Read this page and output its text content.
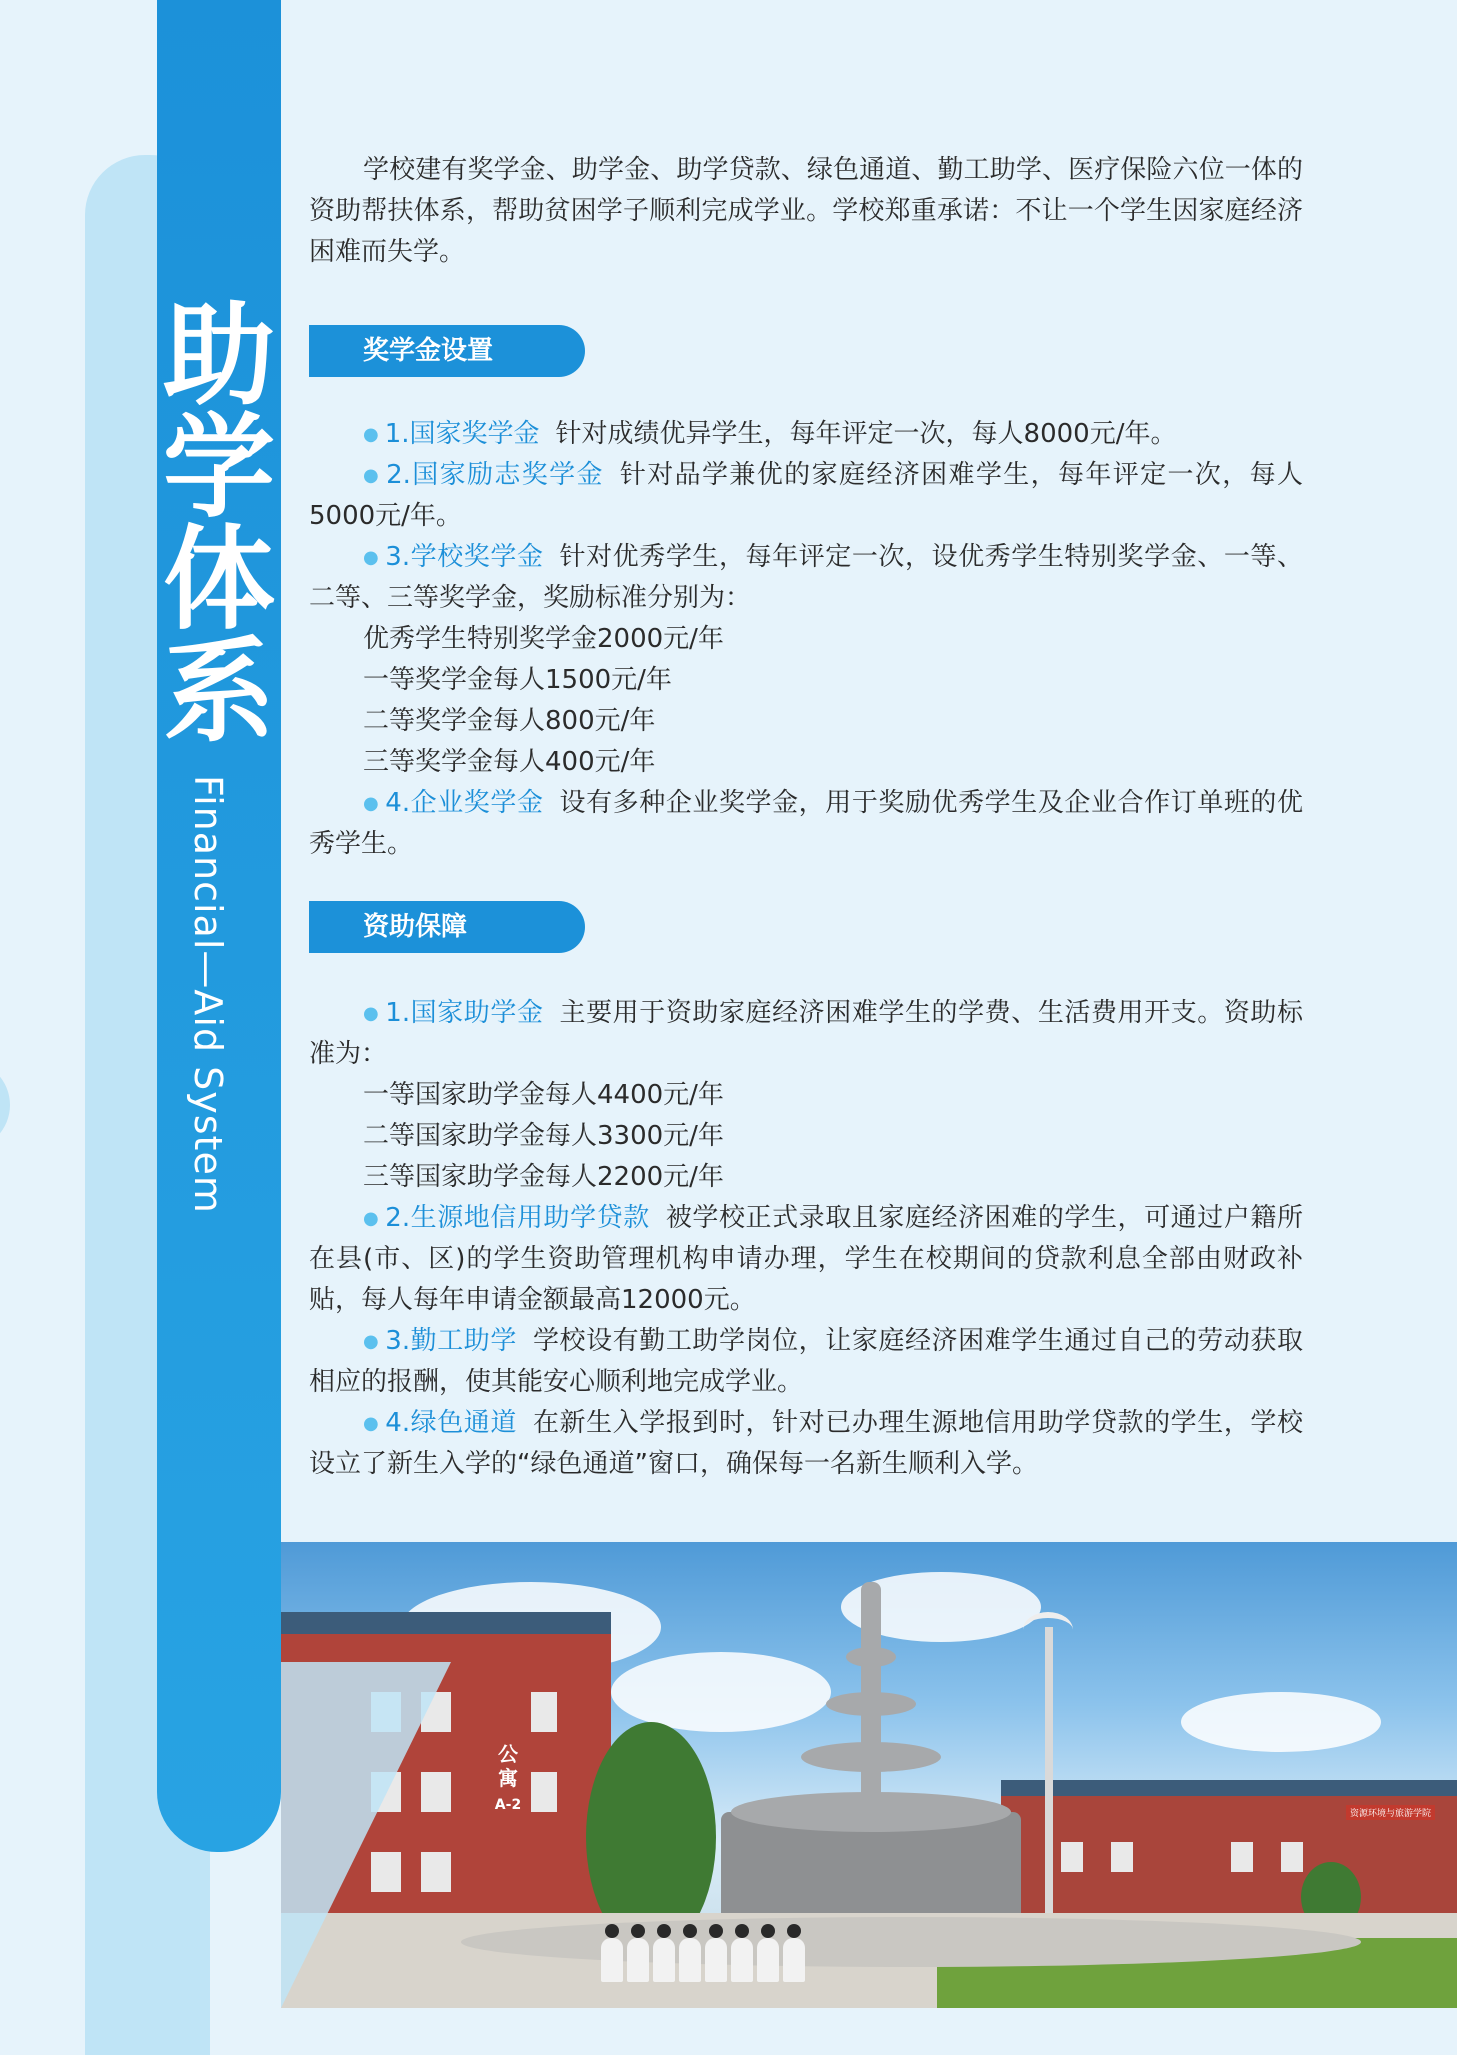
助
学
体
系
Financial—Aid System

学校建有奖学金、助学金、助学贷款、绿色通道、勤工助学、医疗保险六位一体的资助帮扶体系，帮助贫困学子顺利完成学业。学校郑重承诺：不让一个学生因家庭经济困难而失学。

奖学金设置

● 1.国家奖学金 针对成绩优异学生，每年评定一次，每人8000元/年。

● 2.国家励志奖学金 针对品学兼优的家庭经济困难学生，每年评定一次，每人5000元/年。

● 3.学校奖学金 针对优秀学生，每年评定一次，设优秀学生特别奖学金、一等、二等、三等奖学金，奖励标准分别为：

优秀学生特别奖学金2000元/年

一等奖学金每人1500元/年

二等奖学金每人800元/年

三等奖学金每人400元/年

● 4.企业奖学金 设有多种企业奖学金，用于奖励优秀学生及企业合作订单班的优秀学生。

资助保障

● 1.国家助学金 主要用于资助家庭经济困难学生的学费、生活费用开支。资助标准为：

一等国家助学金每人4400元/年

二等国家助学金每人3300元/年

三等国家助学金每人2200元/年

● 2.生源地信用助学贷款 被学校正式录取且家庭经济困难的学生，可通过户籍所在县(市、区)的学生资助管理机构申请办理，学生在校期间的贷款利息全部由财政补贴，每人每年申请金额最高12000元。

● 3.勤工助学 学校设有勤工助学岗位，让家庭经济困难学生通过自己的劳动获取相应的报酬，使其能安心顺利地完成学业。

● 4.绿色通道 在新生入学报到时，针对已办理生源地信用助学贷款的学生，学校设立了新生入学的“绿色通道”窗口，确保每一名新生顺利入学。

公寓
A-2
资源环境与旅游学院
